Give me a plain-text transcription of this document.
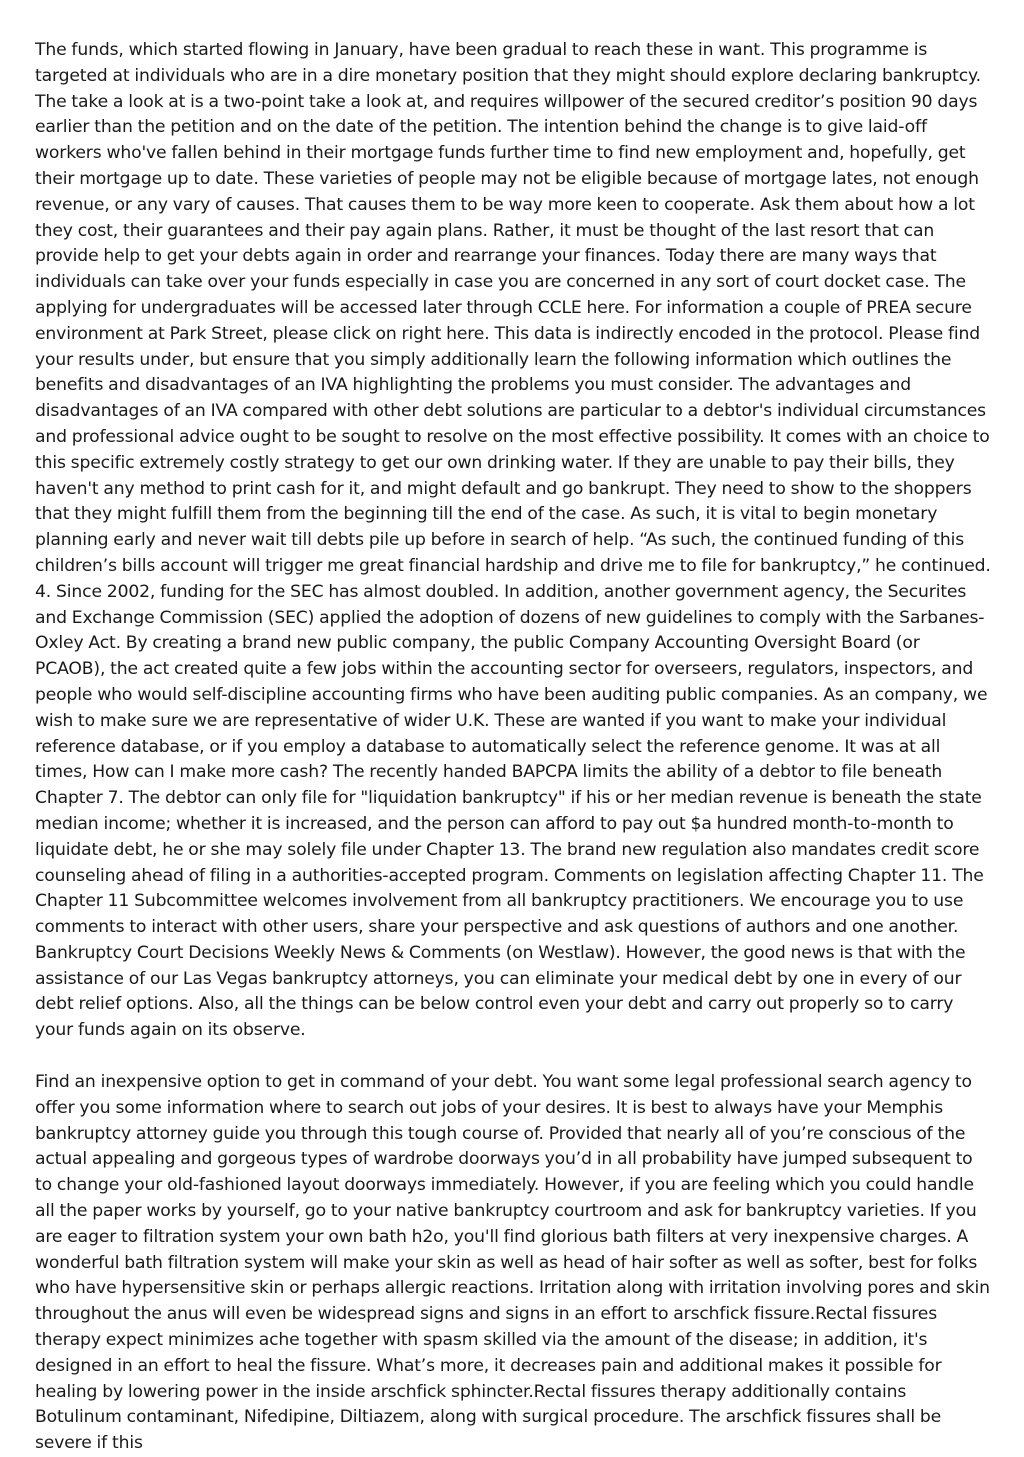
The funds, which started flowing in January, have been gradual to reach these in want. This programme is targeted at individuals who are in a dire monetary position that they might should explore declaring bankruptcy. The take a look at is a two-point take a look at, and requires willpower of the secured creditor’s position 90 days earlier than the petition and on the date of the petition. The intention behind the change is to give laid-off workers who've fallen behind in their mortgage funds further time to find new employment and, hopefully, get their mortgage up to date. These varieties of people may not be eligible because of mortgage lates, not enough revenue, or any vary of causes. That causes them to be way more keen to cooperate. Ask them about how a lot they cost, their guarantees and their pay again plans. Rather, it must be thought of the last resort that can provide help to get your debts again in order and rearrange your finances. Today there are many ways that individuals can take over your funds especially in case you are concerned in any sort of court docket case. The applying for undergraduates will be accessed later through CCLE here. For information a couple of PREA secure environment at Park Street, please click on right here. This data is indirectly encoded in the protocol. Please find your results under, but ensure that you simply additionally learn the following information which outlines the benefits and disadvantages of an IVA highlighting the problems you must consider. The advantages and disadvantages of an IVA compared with other debt solutions are particular to a debtor's individual circumstances and professional advice ought to be sought to resolve on the most effective possibility. It comes with an choice to this specific extremely costly strategy to get our own drinking water. If they are unable to pay their bills, they haven't any method to print cash for it, and might default and go bankrupt. They need to show to the shoppers that they might fulfill them from the beginning till the end of the case. As such, it is vital to begin monetary planning early and never wait till debts pile up before in search of help. “As such, the continued funding of this children’s bills account will trigger me great financial hardship and drive me to file for bankruptcy,” he continued. 4. Since 2002, funding for the SEC has almost doubled. In addition, another government agency, the Securites and Exchange Commission (SEC) applied the adoption of dozens of new guidelines to comply with the Sarbanes-Oxley Act. By creating a brand new public company, the public Company Accounting Oversight Board (or PCAOB), the act created quite a few jobs within the accounting sector for overseers, regulators, inspectors, and people who would self-discipline accounting firms who have been auditing public companies. As an company, we wish to make sure we are representative of wider U.K. These are wanted if you want to make your individual reference database, or if you employ a database to automatically select the reference genome. It was at all times, How can I make more cash? The recently handed BAPCPA limits the ability of a debtor to file beneath Chapter 7. The debtor can only file for "liquidation bankruptcy" if his or her median revenue is beneath the state median income; whether it is increased, and the person can afford to pay out $a hundred month-to-month to liquidate debt, he or she may solely file under Chapter 13. The brand new regulation also mandates credit score counseling ahead of filing in a authorities-accepted program. Comments on legislation affecting Chapter 11. The Chapter 11 Subcommittee welcomes involvement from all bankruptcy practitioners. We encourage you to use comments to interact with other users, share your perspective and ask questions of authors and one another. Bankruptcy Court Decisions Weekly News & Comments (on Westlaw). However, the good news is that with the assistance of our Las Vegas bankruptcy attorneys, you can eliminate your medical debt by one in every of our debt relief options. Also, all the things can be below control even your debt and carry out properly so to carry your funds again on its observe.

Find an inexpensive option to get in command of your debt. You want some legal professional search agency to offer you some information where to search out jobs of your desires. It is best to always have your Memphis bankruptcy attorney guide you through this tough course of. Provided that nearly all of you’re conscious of the actual appealing and gorgeous types of wardrobe doorways you’d in all probability have jumped subsequent to to change your old-fashioned layout doorways immediately. However, if you are feeling which you could handle all the paper works by yourself, go to your native bankruptcy courtroom and ask for bankruptcy varieties. If you are eager to filtration system your own bath h2o, you'll find glorious bath filters at very inexpensive charges. A wonderful bath filtration system will make your skin as well as head of hair softer as well as softer, best for folks who have hypersensitive skin or perhaps allergic reactions. Irritation along with irritation involving pores and skin throughout the anus will even be widespread signs and signs in an effort to arschfick fissure.Rectal fissures therapy expect minimizes ache together with spasm skilled via the amount of the disease; in addition, it's designed in an effort to heal the fissure. What’s more, it decreases pain and additional makes it possible for healing by lowering power in the inside arschfick sphincter.Rectal fissures therapy additionally contains Botulinum contaminant, Nifedipine, Diltiazem, along with surgical procedure. The arschfick fissures shall be severe if this
